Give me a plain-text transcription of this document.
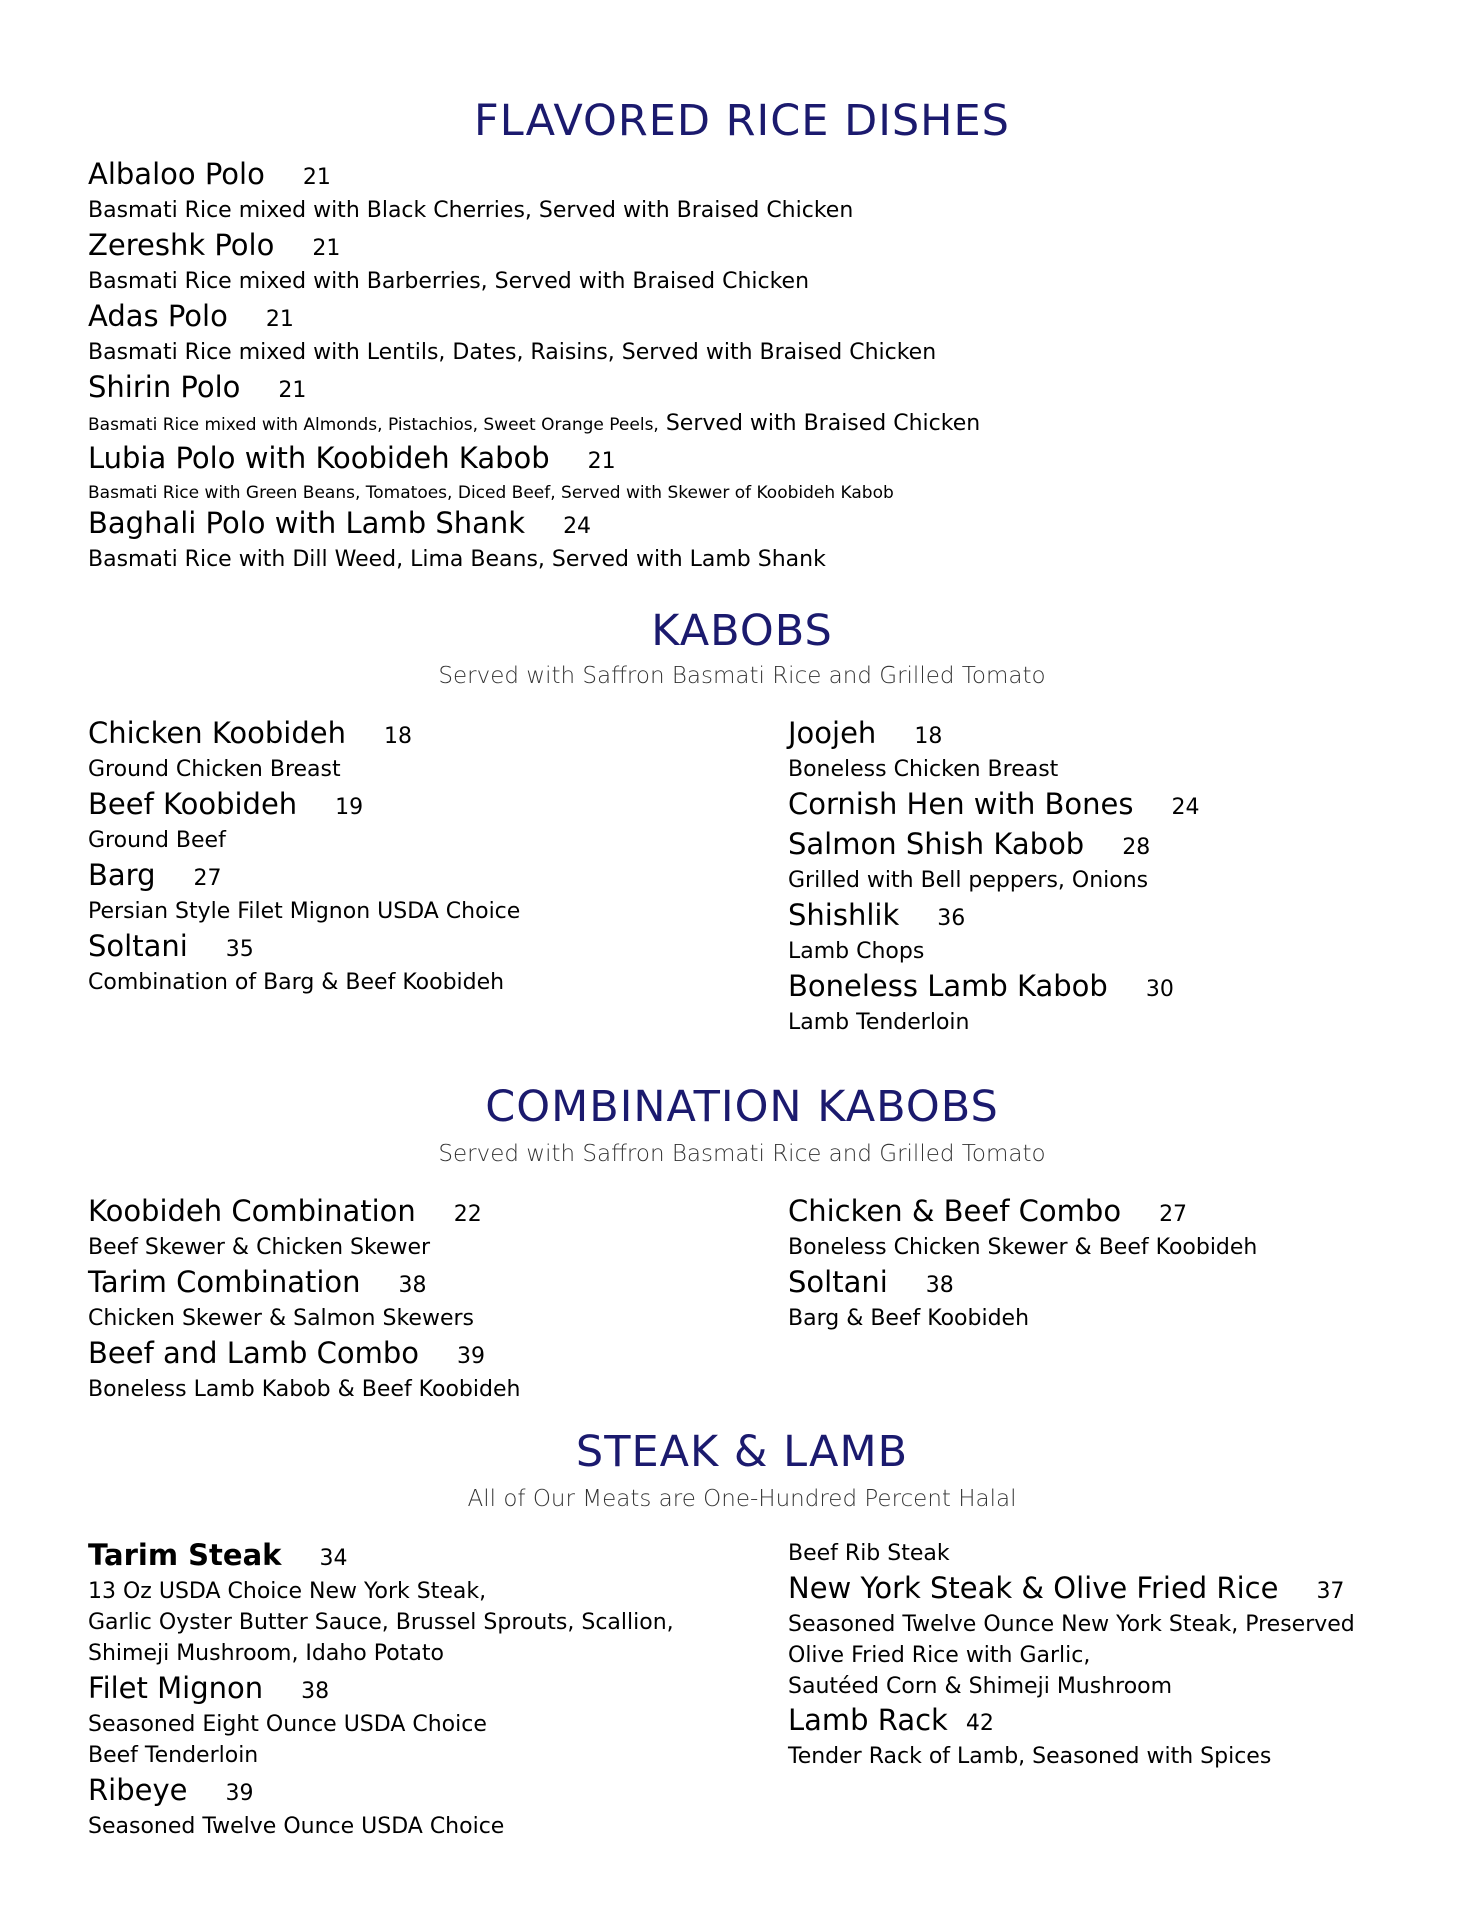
FLAVORED RICE DISHES
Albaloo Polo 21
Basmati Rice mixed with Black Cherries, Served with Braised Chicken
Zereshk Polo 21
Basmati Rice mixed with Barberries, Served with Braised Chicken
Adas Polo 21
Basmati Rice mixed with Lentils, Dates, Raisins, Served with Braised Chicken
Shirin Polo 21
Basmati Rice mixed with Almonds, Pistachios, Sweet Orange Peels, Served with Braised Chicken
Lubia Polo with Koobideh Kabob 21
Basmati Rice with Green Beans, Tomatoes, Diced Beef, Served with Skewer of Koobideh Kabob
Baghali Polo with Lamb Shank 24
Basmati Rice with Dill Weed, Lima Beans, Served with Lamb Shank
KABOBS
Served with Saffron Basmati Rice and Grilled Tomato
Chicken Koobideh 18
Ground Chicken Breast
Beef Koobideh 19
Ground Beef
Barg 27
Persian Style Filet Mignon USDA Choice
Soltani 35
Combination of Barg & Beef Koobideh
Joojeh 18
Boneless Chicken Breast
Cornish Hen with Bones 24
Salmon Shish Kabob 28
Grilled with Bell peppers, Onions
Shishlik 36
Lamb Chops
Boneless Lamb Kabob 30
Lamb Tenderloin
COMBINATION KABOBS
Served with Saffron Basmati Rice and Grilled Tomato
Koobideh Combination 22
Beef Skewer & Chicken Skewer
Tarim Combination 38
Chicken Skewer & Salmon Skewers
Beef and Lamb Combo 39
Boneless Lamb Kabob & Beef Koobideh
Chicken & Beef Combo 27
Boneless Chicken Skewer & Beef Koobideh
Soltani 38
Barg & Beef Koobideh
STEAK & LAMB
All of Our Meats are One-Hundred Percent Halal
Tarim Steak 34
13 Oz USDA Choice New York Steak,
Garlic Oyster Butter Sauce, Brussel Sprouts, Scallion,
Shimeji Mushroom, Idaho Potato
Filet Mignon 38
Seasoned Eight Ounce USDA Choice
Beef Tenderloin
Ribeye 39
Seasoned Twelve Ounce USDA Choice
Beef Rib Steak
New York Steak & Olive Fried Rice 37
Seasoned Twelve Ounce New York Steak, Preserved
Olive Fried Rice with Garlic,
Sautéed Corn & Shimeji Mushroom
Lamb Rack 42
Tender Rack of Lamb, Seasoned with Spices
